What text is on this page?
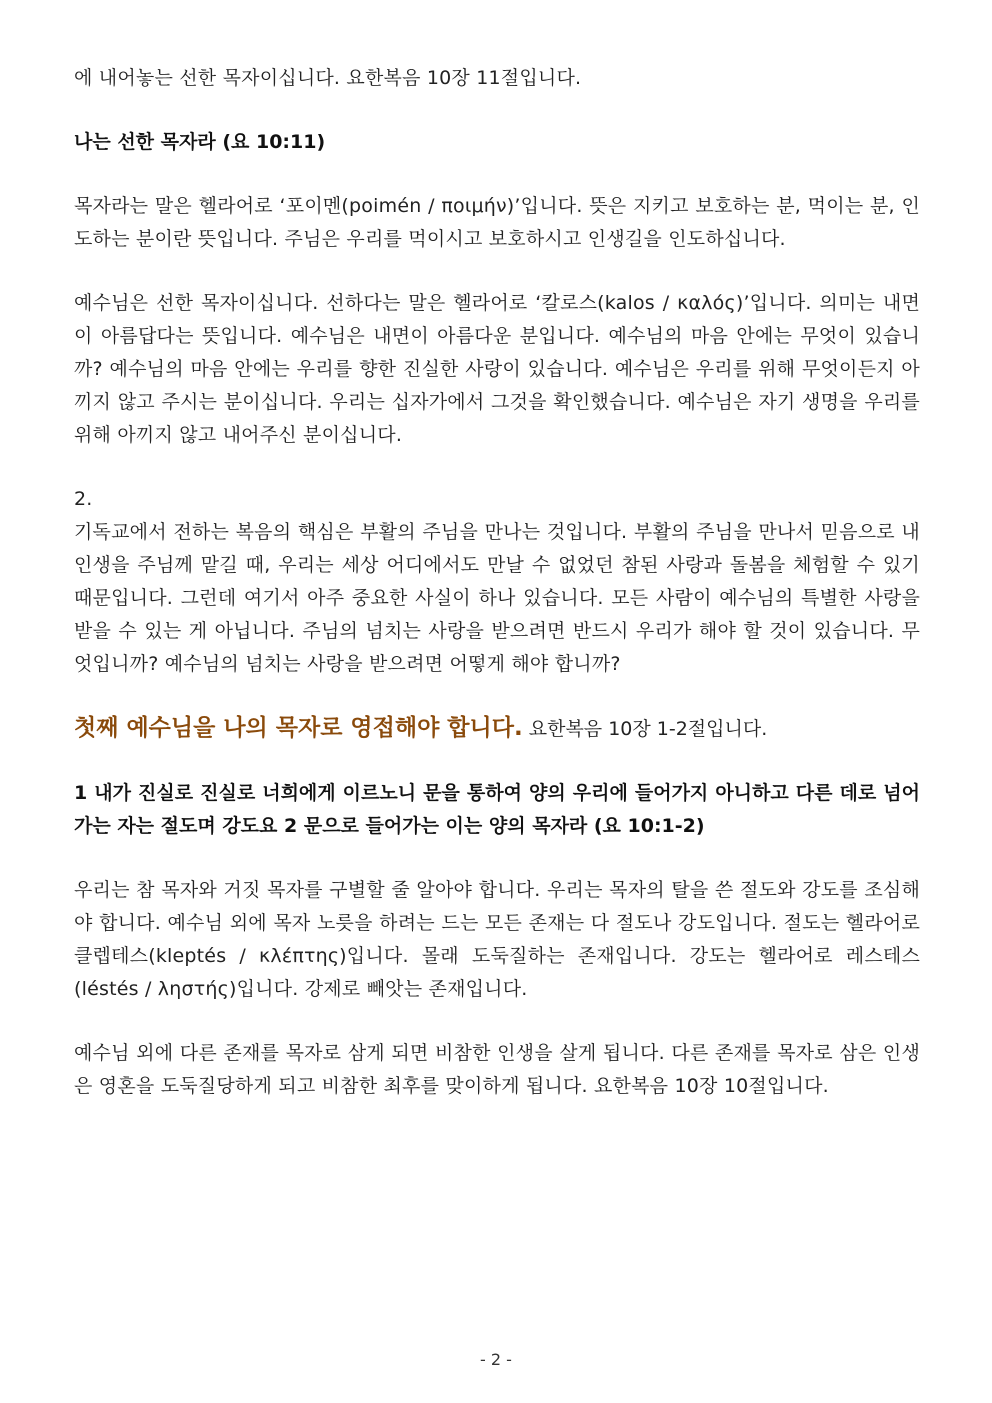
에 내어놓는 선한 목자이십니다. 요한복음 10장 11절입니다.

나는 선한 목자라 (요 10:11)

목자라는 말은 헬라어로 ‘포이멘(poimén / ποιμήν)’입니다. 뜻은 지키고 보호하는 분, 먹이는 분, 인도하는 분이란 뜻입니다. 주님은 우리를 먹이시고 보호하시고 인생길을 인도하십니다.

예수님은 선한 목자이십니다. 선하다는 말은 헬라어로 ‘칼로스(kalos / καλός)’입니다. 의미는 내면이 아름답다는 뜻입니다. 예수님은 내면이 아름다운 분입니다. 예수님의 마음 안에는 무엇이 있습니까? 예수님의 마음 안에는 우리를 향한 진실한 사랑이 있습니다. 예수님은 우리를 위해 무엇이든지 아끼지 않고 주시는 분이십니다. 우리는 십자가에서 그것을 확인했습니다. 예수님은 자기 생명을 우리를 위해 아끼지 않고 내어주신 분이십니다.

2.

기독교에서 전하는 복음의 핵심은 부활의 주님을 만나는 것입니다. 부활의 주님을 만나서 믿음으로 내 인생을 주님께 맡길 때, 우리는 세상 어디에서도 만날 수 없었던 참된 사랑과 돌봄을 체험할 수 있기 때문입니다. 그런데 여기서 아주 중요한 사실이 하나 있습니다. 모든 사람이 예수님의 특별한 사랑을 받을 수 있는 게 아닙니다. 주님의 넘치는 사랑을 받으려면 반드시 우리가 해야 할 것이 있습니다. 무엇입니까? 예수님의 넘치는 사랑을 받으려면 어떻게 해야 합니까?

첫째 예수님을 나의 목자로 영접해야 합니다. 요한복음 10장 1-2절입니다.

1 내가 진실로 진실로 너희에게 이르노니 문을 통하여 양의 우리에 들어가지 아니하고 다른 데로 넘어가는 자는 절도며 강도요 2 문으로 들어가는 이는 양의 목자라 (요 10:1-2)

우리는 참 목자와 거짓 목자를 구별할 줄 알아야 합니다. 우리는 목자의 탈을 쓴 절도와 강도를 조심해야 합니다. 예수님 외에 목자 노릇을 하려는 드는 모든 존재는 다 절도나 강도입니다. 절도는 헬라어로 클렙테스(kleptés / κλέπτης)입니다. 몰래 도둑질하는 존재입니다. 강도는 헬라어로 레스테스(léstés / ληστής)입니다. 강제로 빼앗는 존재입니다.

예수님 외에 다른 존재를 목자로 삼게 되면 비참한 인생을 살게 됩니다. 다른 존재를 목자로 삼은 인생은 영혼을 도둑질당하게 되고 비참한 최후를 맞이하게 됩니다. 요한복음 10장 10절입니다.

- 2 -
